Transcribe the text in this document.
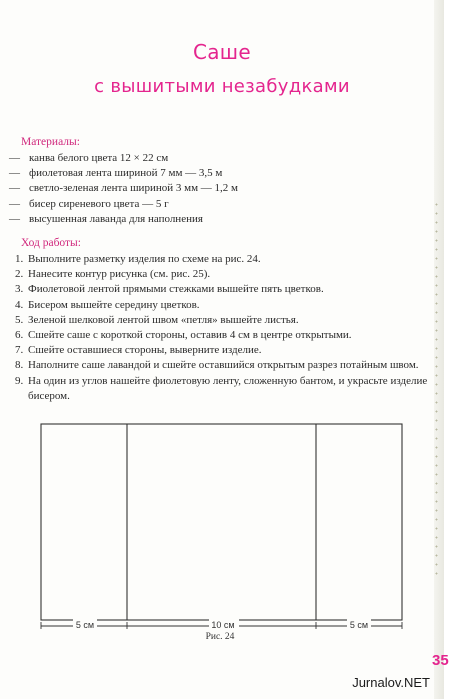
Саше
с вышитыми незабудками
Материалы:
— канва белого цвета 12 × 22 см
— фиолетовая лента шириной 7 мм — 3,5 м
— светло-зеленая лента шириной 3 мм — 1,2 м
— бисер сиреневого цвета — 5 г
— высушенная лаванда для наполнения
Ход работы:
1. Выполните разметку изделия по схеме на рис. 24.
2. Нанесите контур рисунка (см. рис. 25).
3. Фиолетовой лентой прямыми стежками вышейте пять цветков.
4. Бисером вышейте середину цветков.
5. Зеленой шелковой лентой швом «петля» вышейте листья.
6. Сшейте саше с короткой стороны, оставив 4 см в центре открытыми.
7. Сшейте оставшиеся стороны, выверните изделие.
8. Наполните саше лавандой и сшейте оставшийся открытым разрез потайным швом.
9. На один из углов нашейте фиолетовую ленту, сложенную бантом, и украсьте изделие бисером.
5 см	10 см	5 см
Рис. 24
35
Jurnalov.NET
